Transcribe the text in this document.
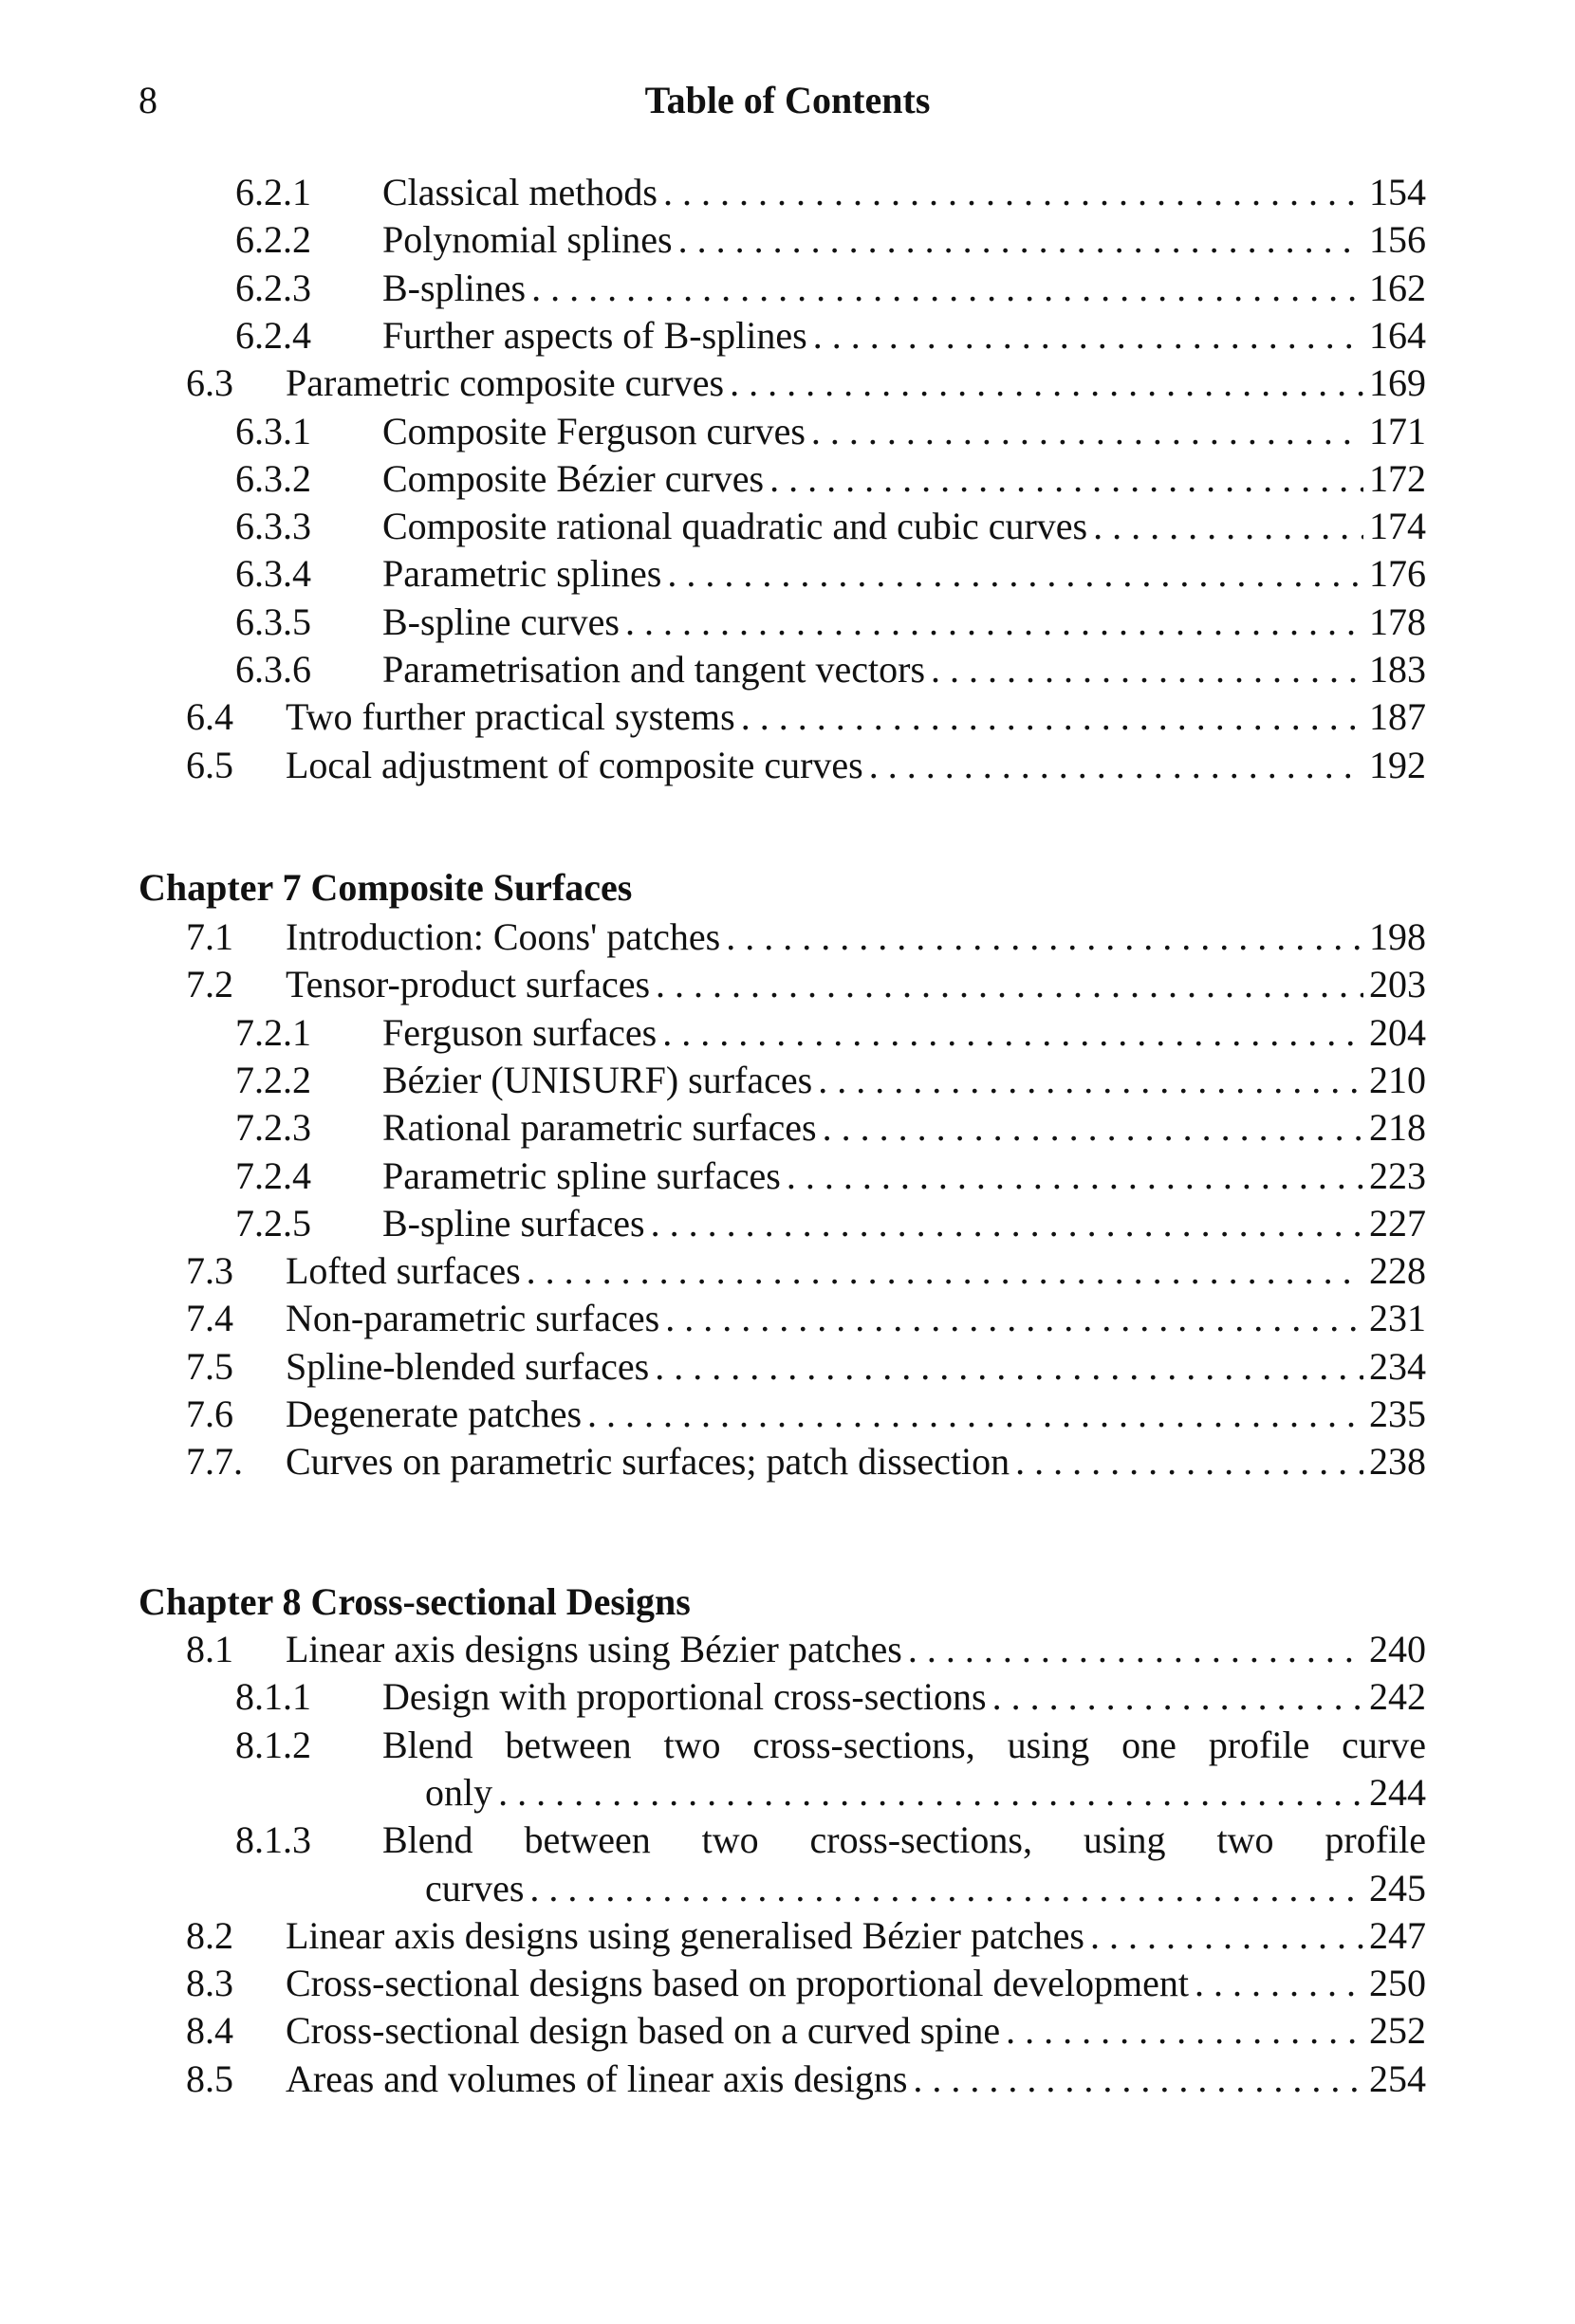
8	Table of Contents
6.2.1 Classical methods . . .	154
6.2.2 Polynomial splines . . .	156
6.2.3 B-splines . . .	162
6.2.4 Further aspects of B-splines . . .	164
6.3 Parametric composite curves . . .	169
6.3.1 Composite Ferguson curves . . .	171
6.3.2 Composite Bézier curves . . .	172
6.3.3 Composite rational quadratic and cubic curves . . .	174
6.3.4 Parametric splines . . .	176
6.3.5 B-spline curves . . .	178
6.3.6 Parametrisation and tangent vectors . . .	183
6.4 Two further practical systems . . .	187
6.5 Local adjustment of composite curves . . .	192
Chapter 7 Composite Surfaces
7.1 Introduction: Coons' patches . . .	198
7.2 Tensor-product surfaces . . .	203
7.2.1 Ferguson surfaces . . .	204
7.2.2 Bézier (UNISURF) surfaces . . .	210
7.2.3 Rational parametric surfaces . . .	218
7.2.4 Parametric spline surfaces . . .	223
7.2.5 B-spline surfaces . . .	227
7.3 Lofted surfaces . . .	228
7.4 Non-parametric surfaces . . .	231
7.5 Spline-blended surfaces . . .	234
7.6 Degenerate patches . . .	235
7.7. Curves on parametric surfaces; patch dissection . . .	238
Chapter 8 Cross-sectional Designs
8.1 Linear axis designs using Bézier patches . . .	240
8.1.1 Design with proportional cross-sections . . .	242
8.1.2 Blend between two cross-sections, using one profile curve
only . . .	244
8.1.3 Blend between two cross-sections, using two profile
curves . . .	245
8.2 Linear axis designs using generalised Bézier patches . . .	247
8.3 Cross-sectional designs based on proportional development . . .	250
8.4 Cross-sectional design based on a curved spine . . .	252
8.5 Areas and volumes of linear axis designs . . .	254
